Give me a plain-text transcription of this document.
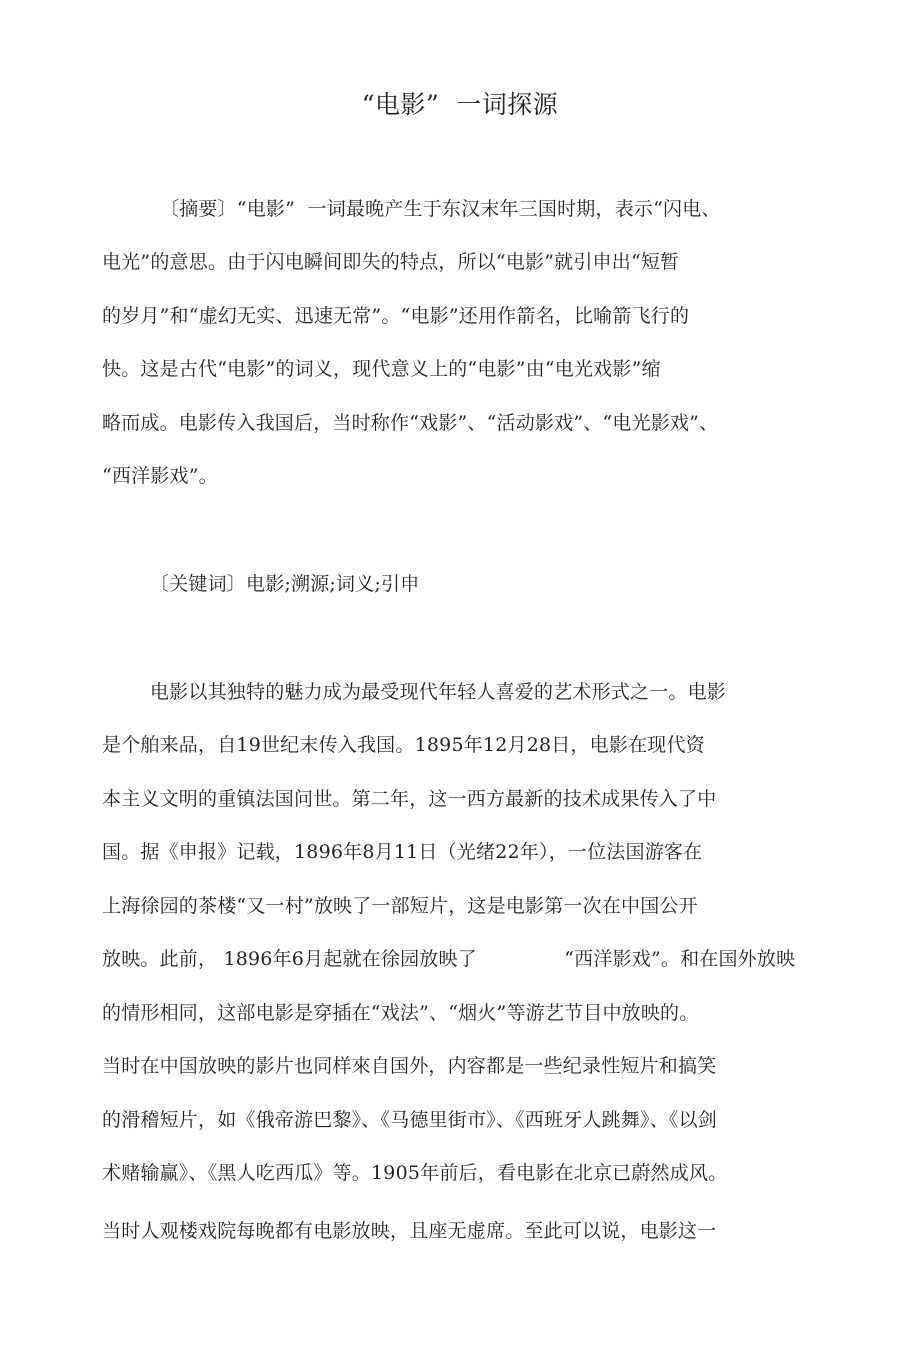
“电影”  一词探源
〔摘要〕“电影”  一词最晚产生于东汉末年三国时期，表示“闪电、
电光”的意思。由于闪电瞬间即失的特点，所以“电影”就引申出“短暂
的岁月”和“虚幻无实、迅速无常”。“电影”还用作箭名，比喻箭飞行的
快。这是古代“电影”的词义，现代意义上的“电影”由“电光戏影”缩
略而成。电影传入我国后，当时称作“戏影”、“活动影戏”、“电光影戏”、
“西洋影戏”。
〔关键词〕电影;溯源;词义;引申
电影以其独特的魅力成为最受现代年轻人喜爱的艺术形式之一。电影
是个舶来品，自19世纪末传入我国。1895年12月28日，电影在现代资
本主义文明的重镇法国问世。第二年，这一西方最新的技术成果传入了中
国。据《申报》记载，1896年8月11日（光绪22年），一位法国游客在
上海徐园的茶楼“又一村”放映了一部短片，这是电影第一次在中国公开
放映。此前， 1896年6月起就在徐园放映了              “西洋影戏”。和在国外放映
的情形相同，这部电影是穿插在“戏法”、“烟火”等游艺节目中放映的。
当时在中国放映的影片也同样來自国外，内容都是一些纪录性短片和搞笑
的滑稽短片，如《俄帝游巴黎》、《马德里街市》、《西班牙人跳舞》、《以剑
术赌输赢》、《黑人吃西瓜》等。1905年前后，看电影在北京已蔚然成风。
当时人观楼戏院每晚都有电影放映，且座无虚席。至此可以说，电影这一
